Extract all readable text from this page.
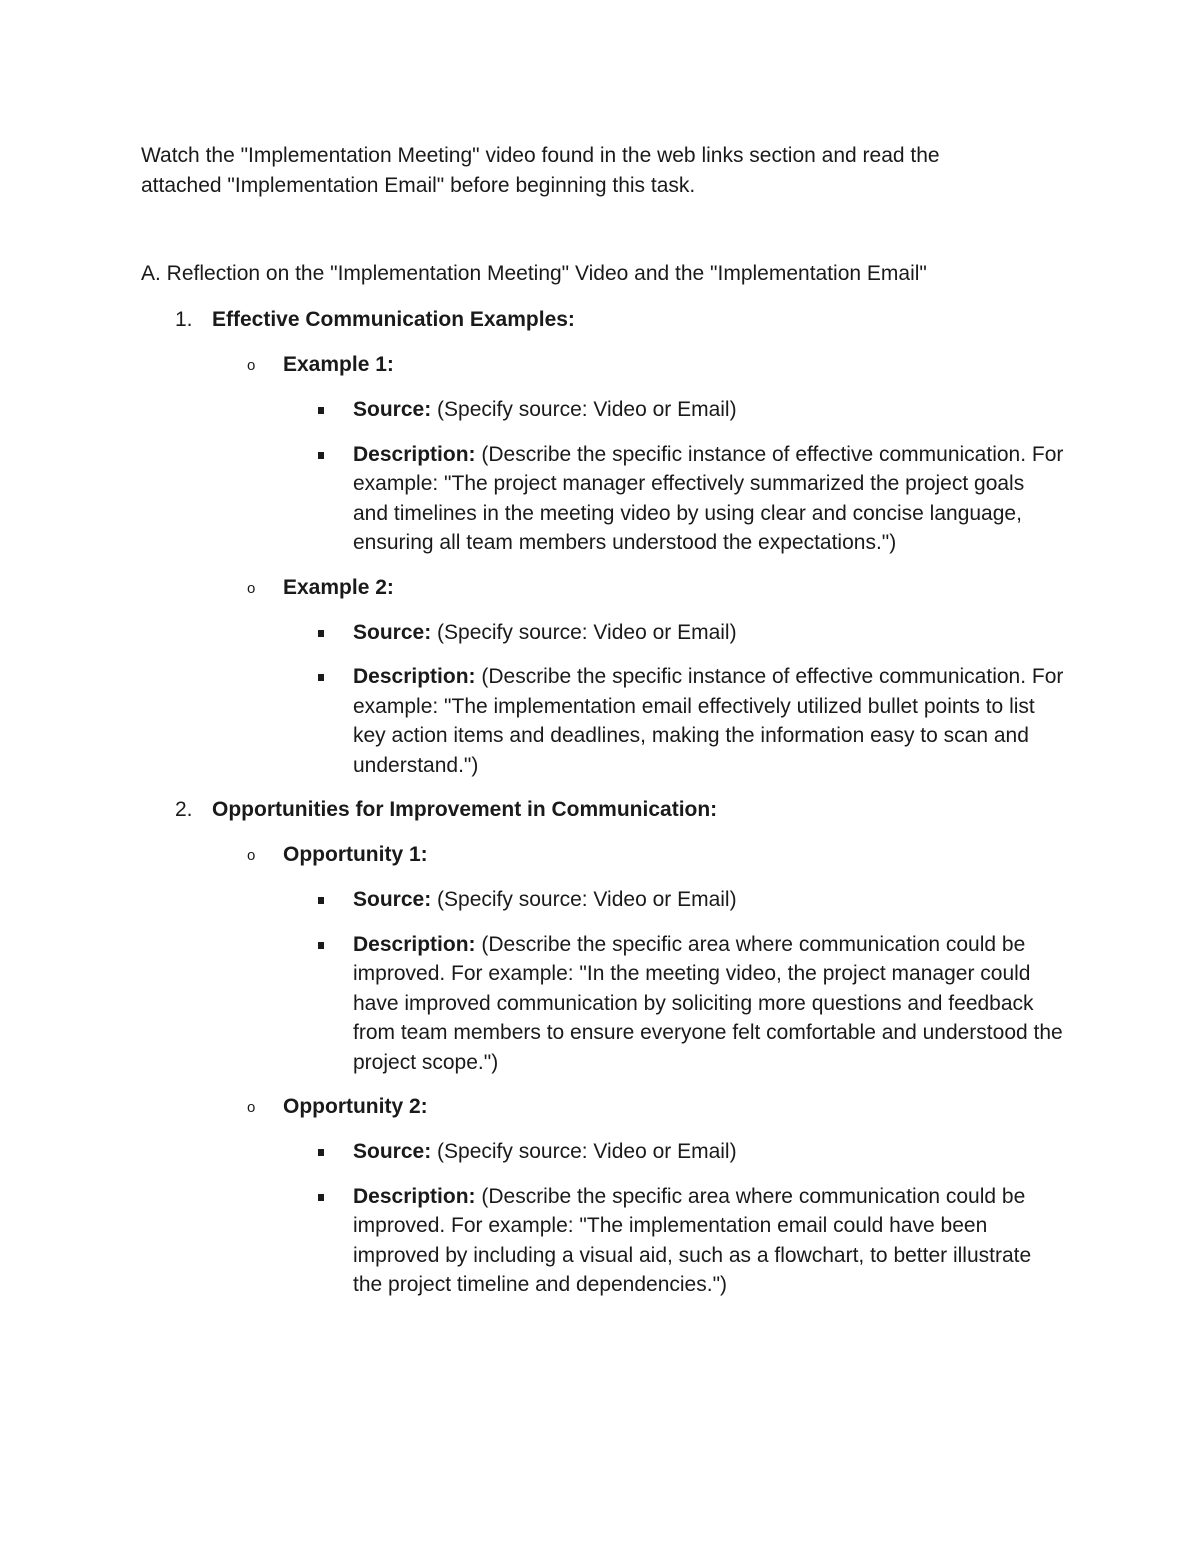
Watch the "Implementation Meeting" video found in the web links section and read the
attached "Implementation Email" before beginning this task.
A. Reflection on the "Implementation Meeting" Video and the "Implementation Email"
1. Effective Communication Examples:
o Example 1:
Source: (Specify source: Video or Email)
Description: (Describe the specific instance of effective communication. For example: "The project manager effectively summarized the project goals and timelines in the meeting video by using clear and concise language, ensuring all team members understood the expectations.")
o Example 2:
Source: (Specify source: Video or Email)
Description: (Describe the specific instance of effective communication. For example: "The implementation email effectively utilized bullet points to list key action items and deadlines, making the information easy to scan and understand.")
2. Opportunities for Improvement in Communication:
o Opportunity 1:
Source: (Specify source: Video or Email)
Description: (Describe the specific area where communication could be improved. For example: "In the meeting video, the project manager could have improved communication by soliciting more questions and feedback from team members to ensure everyone felt comfortable and understood the project scope.")
o Opportunity 2:
Source: (Specify source: Video or Email)
Description: (Describe the specific area where communication could be improved. For example: "The implementation email could have been improved by including a visual aid, such as a flowchart, to better illustrate the project timeline and dependencies.")
